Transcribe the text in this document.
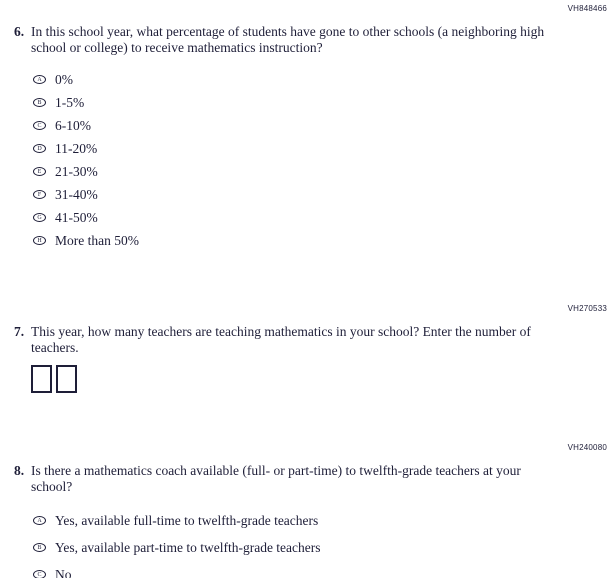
VH848466
6. In this school year, what percentage of students have gone to other schools (a neighboring high school or college) to receive mathematics instruction?
A 0%
B 1-5%
C 6-10%
D 11-20%
E 21-30%
F 31-40%
G 41-50%
H More than 50%
VH270533
7. This year, how many teachers are teaching mathematics in your school? Enter the number of teachers.
VH240080
8. Is there a mathematics coach available (full- or part-time) to twelfth-grade teachers at your school?
A Yes, available full-time to twelfth-grade teachers
B Yes, available part-time to twelfth-grade teachers
C No
